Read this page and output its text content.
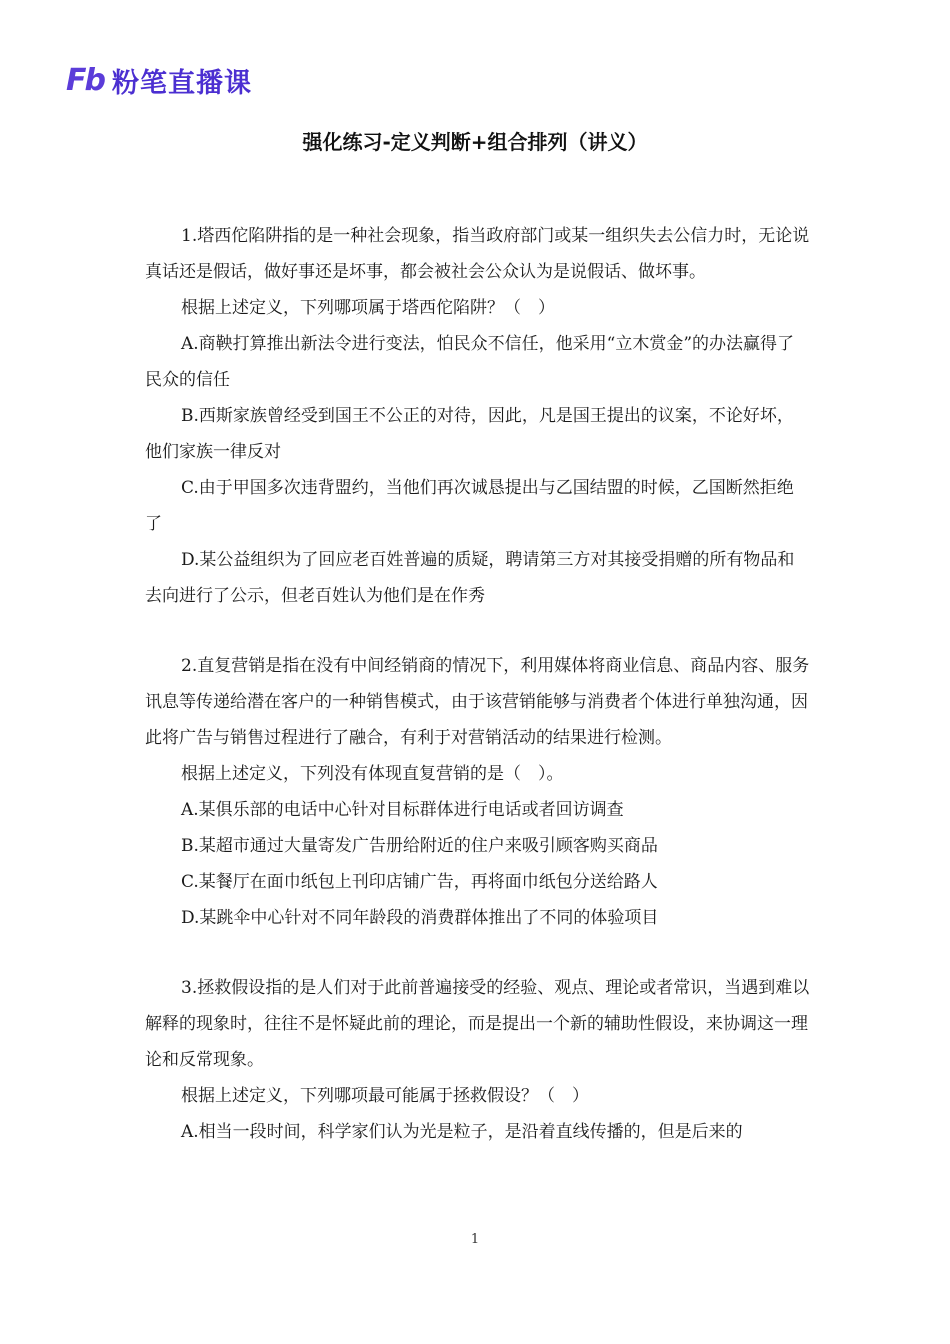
Fb 粉笔直播课
强化练习-定义判断+组合排列（讲义）

1.塔西佗陷阱指的是一种社会现象，指当政府部门或某一组织失去公信力时，无论说真话还是假话，做好事还是坏事，都会被社会公众认为是说假话、做坏事。

根据上述定义，下列哪项属于塔西佗陷阱？（　）

A.商鞅打算推出新法令进行变法，怕民众不信任，他采用“立木赏金”的办法赢得了民众的信任

B.西斯家族曾经受到国王不公正的对待，因此，凡是国王提出的议案，不论好坏，他们家族一律反对

C.由于甲国多次违背盟约，当他们再次诚恳提出与乙国结盟的时候，乙国断然拒绝了

D.某公益组织为了回应老百姓普遍的质疑，聘请第三方对其接受捐赠的所有物品和去向进行了公示，但老百姓认为他们是在作秀

2.直复营销是指在没有中间经销商的情况下，利用媒体将商业信息、商品内容、服务讯息等传递给潜在客户的一种销售模式，由于该营销能够与消费者个体进行单独沟通，因此将广告与销售过程进行了融合，有利于对营销活动的结果进行检测。

根据上述定义，下列没有体现直复营销的是（　）。

A.某俱乐部的电话中心针对目标群体进行电话或者回访调查

B.某超市通过大量寄发广告册给附近的住户来吸引顾客购买商品

C.某餐厅在面巾纸包上刊印店铺广告，再将面巾纸包分送给路人

D.某跳伞中心针对不同年龄段的消费群体推出了不同的体验项目

3.拯救假设指的是人们对于此前普遍接受的经验、观点、理论或者常识，当遇到难以解释的现象时，往往不是怀疑此前的理论，而是提出一个新的辅助性假设，来协调这一理论和反常现象。

根据上述定义，下列哪项最可能属于拯救假设？（　）

A.相当一段时间，科学家们认为光是粒子，是沿着直线传播的，但是后来的

1
